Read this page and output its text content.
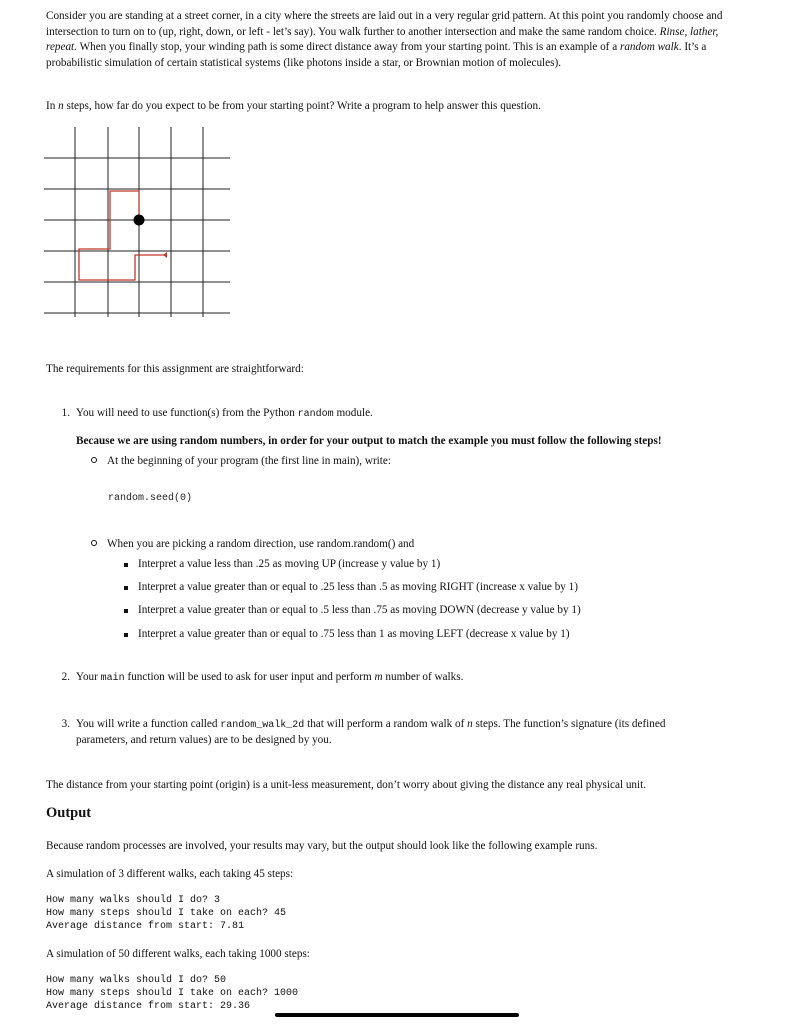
Consider you are standing at a street corner, in a city where the streets are laid out in a very regular grid pattern. At this point you randomly choose and intersection to turn on to (up, right, down, or left - let’s say). You walk further to another intersection and make the same random choice. Rinse, lather, repeat. When you finally stop, your winding path is some direct distance away from your starting point. This is an example of a random walk. It’s a probabilistic simulation of certain statistical systems (like photons inside a star, or Brownian motion of molecules).
In n steps, how far do you expect to be from your starting point? Write a program to help answer this question.
The requirements for this assignment are straightforward:
1. You will need to use function(s) from the Python random module.
Because we are using random numbers, in order for your output to match the example you must follow the following steps!
At the beginning of your program (the first line in main), write:
random.seed(0)
When you are picking a random direction, use random.random() and
Interpret a value less than .25 as moving UP (increase y value by 1)
Interpret a value greater than or equal to .25 less than .5 as moving RIGHT (increase x value by 1)
Interpret a value greater than or equal to .5 less than .75 as moving DOWN (decrease y value by 1)
Interpret a value greater than or equal to .75 less than 1 as moving LEFT (decrease x value by 1)
2. Your main function will be used to ask for user input and perform m number of walks.
3. You will write a function called random_walk_2d that will perform a random walk of n steps. The function’s signature (its defined
parameters, and return values) are to be designed by you.
The distance from your starting point (origin) is a unit-less measurement, don’t worry about giving the distance any real physical unit.
Output
Because random processes are involved, your results may vary, but the output should look like the following example runs.
A simulation of 3 different walks, each taking 45 steps:
How many walks should I do? 3
How many steps should I take on each? 45
Average distance from start: 7.81
A simulation of 50 different walks, each taking 1000 steps:
How many walks should I do? 50
How many steps should I take on each? 1000
Average distance from start: 29.36
